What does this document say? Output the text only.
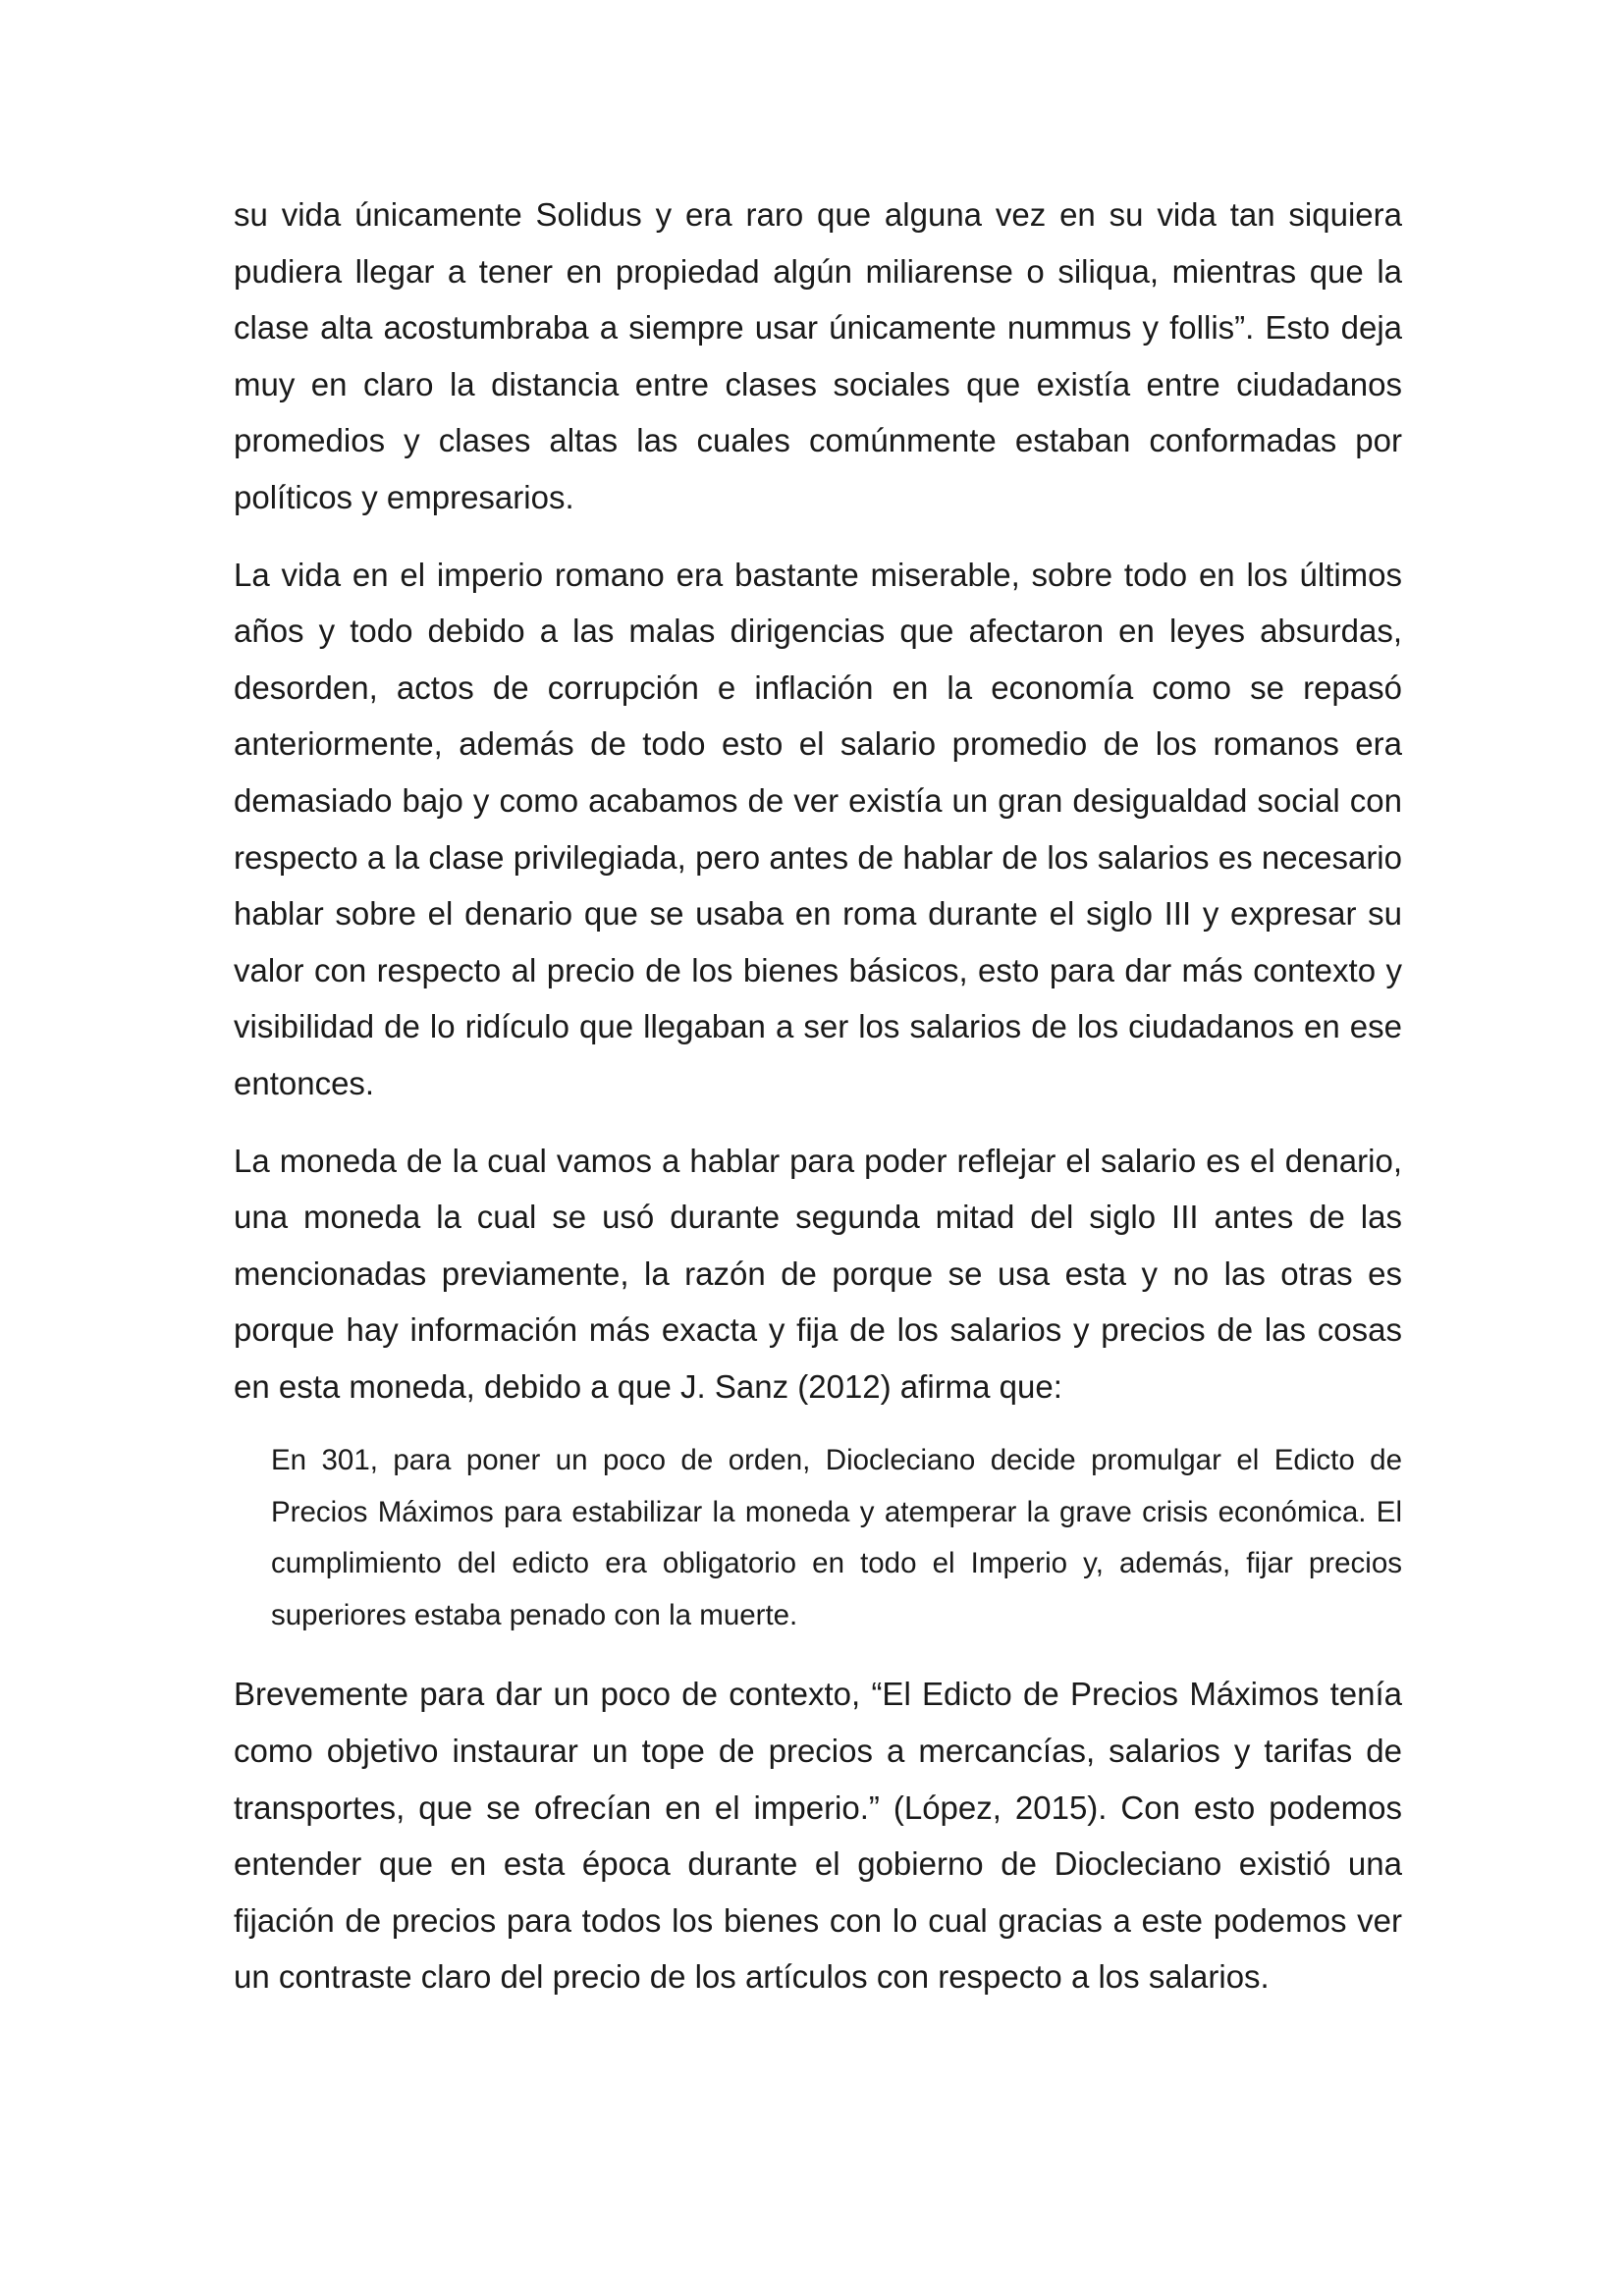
su vida únicamente Solidus y era raro que alguna vez en su vida tan siquiera pudiera llegar a tener en propiedad algún miliarense o siliqua, mientras que la clase alta acostumbraba a siempre usar únicamente nummus y follis”. Esto deja muy en claro la distancia entre clases sociales que existía entre ciudadanos promedios y clases altas las cuales comúnmente estaban conformadas por políticos y empresarios.

La vida en el imperio romano era bastante miserable, sobre todo en los últimos años y todo debido a las malas dirigencias que afectaron en leyes absurdas, desorden, actos de corrupción e inflación en la economía como se repasó anteriormente, además de todo esto el salario promedio de los romanos era demasiado bajo y como acabamos de ver existía un gran desigualdad social con respecto a la clase privilegiada, pero antes de hablar de los salarios es necesario hablar sobre el denario que se usaba en roma durante el siglo III y expresar su valor con respecto al precio de los bienes básicos, esto para dar más contexto y visibilidad de lo ridículo que llegaban a ser los salarios de los ciudadanos en ese entonces.

La moneda de la cual vamos a hablar para poder reflejar el salario es el denario, una moneda la cual se usó durante segunda mitad del siglo III antes de las mencionadas previamente, la razón de porque se usa esta y no las otras es porque hay información más exacta y fija de los salarios y precios de las cosas en esta moneda, debido a que J. Sanz (2012) afirma que:

En 301, para poner un poco de orden, Diocleciano decide promulgar el Edicto de Precios Máximos para estabilizar la moneda y atemperar la grave crisis económica. El cumplimiento del edicto era obligatorio en todo el Imperio y, además, fijar precios superiores estaba penado con la muerte.

Brevemente para dar un poco de contexto, “El Edicto de Precios Máximos tenía como objetivo instaurar un tope de precios a mercancías, salarios y tarifas de transportes, que se ofrecían en el imperio.” (López, 2015). Con esto podemos entender que en esta época durante el gobierno de Diocleciano existió una fijación de precios para todos los bienes con lo cual gracias a este podemos ver un contraste claro del precio de los artículos con respecto a los salarios.
